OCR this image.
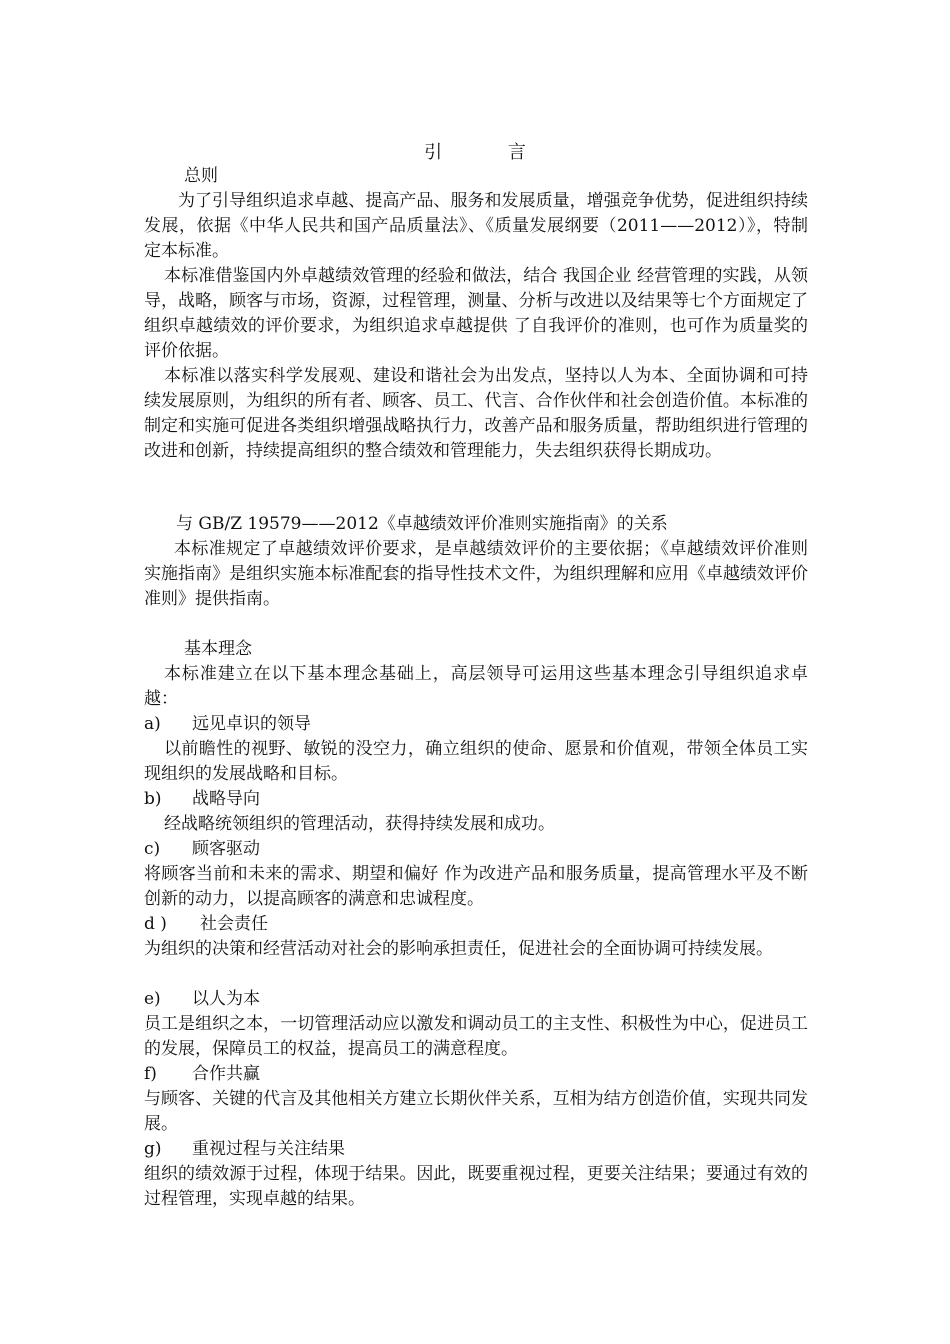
引 言
总则

为了引导组织追求卓越、提高产品、服务和发展质量，增强竞争优势，促进组织持续发展，依据《中华人民共和国产品质量法》、《质量发展纲要（2011——2012）》，特制定本标准。

本标准借鉴国内外卓越绩效管理的经验和做法，结合 我国企业 经营管理的实践，从领导，战略，顾客与市场，资源，过程管理，测量、分析与改进以及结果等七个方面规定了组织卓越绩效的评价要求，为组织追求卓越提供 了自我评价的准则，也可作为质量奖的评价依据。

本标准以落实科学发展观、建设和谐社会为出发点，坚持以人为本、全面协调和可持续发展原则，为组织的所有者、顾客、员工、代言、合作伙伴和社会创造价值。本标准的制定和实施可促进各类组织增强战略执行力，改善产品和服务质量，帮助组织进行管理的改进和创新，持续提高组织的整合绩效和管理能力，失去组织获得长期成功。

与 GB/Z 19579——2012《卓越绩效评价准则实施指南》的关系

本标准规定了卓越绩效评价要求，是卓越绩效评价的主要依据；《卓越绩效评价准则实施指南》是组织实施本标准配套的指导性技术文件，为组织理解和应用《卓越绩效评价准则》提供指南。

基本理念

本标准建立在以下基本理念基础上，高层领导可运用这些基本理念引导组织追求卓越：

a) 远见卓识的领导

以前瞻性的视野、敏锐的没空力，确立组织的使命、愿景和价值观，带领全体员工实现组织的发展战略和目标。

b) 战略导向

经战略统领组织的管理活动，获得持续发展和成功。

c) 顾客驱动

将顾客当前和未来的需求、期望和偏好 作为改进产品和服务质量，提高管理水平及不断创新的动力，以提高顾客的满意和忠诚程度。

d ) 社会责任

为组织的决策和经营活动对社会的影响承担责任，促进社会的全面协调可持续发展。

e) 以人为本

员工是组织之本，一切管理活动应以激发和调动员工的主支性、积极性为中心，促进员工的发展，保障员工的权益，提高员工的满意程度。

f) 合作共赢

与顾客、关键的代言及其他相关方建立长期伙伴关系，互相为结方创造价值，实现共同发展。

g) 重视过程与关注结果

组织的绩效源于过程，体现于结果。因此，既要重视过程，更要关注结果；要通过有效的过程管理，实现卓越的结果。
